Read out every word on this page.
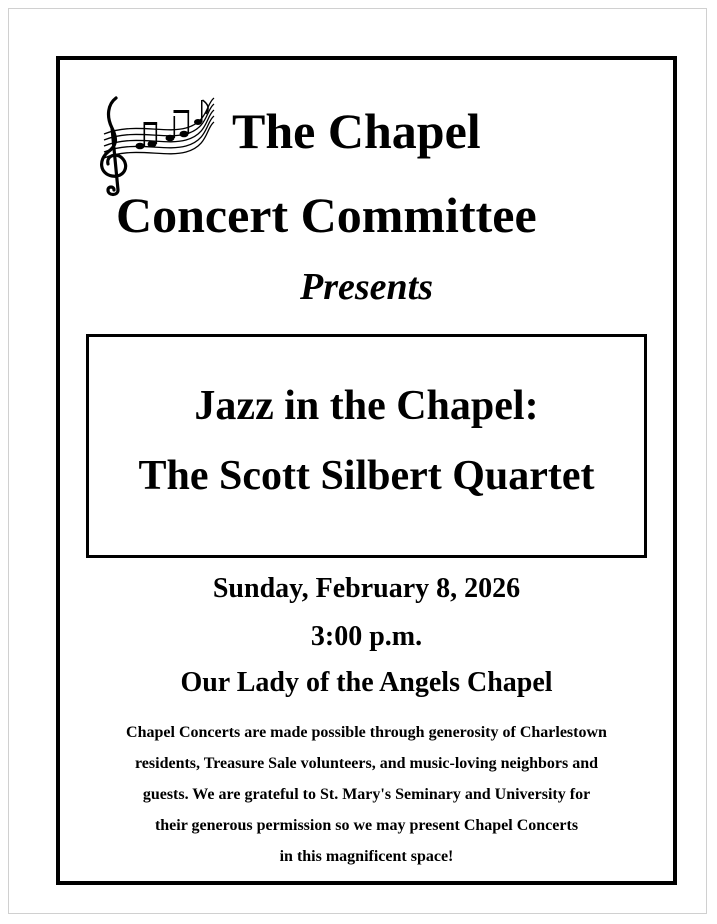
The Chapel
Concert Committee
Presents
Jazz in the Chapel:
The Scott Silbert Quartet
Sunday, February 8, 2026
3:00 p.m.
Our Lady of the Angels Chapel
Chapel Concerts are made possible through generosity of Charlestown
residents, Treasure Sale volunteers, and music-loving neighbors and
guests. We are grateful to St. Mary's Seminary and University for
their generous permission so we may present Chapel Concerts
in this magnificent space!
